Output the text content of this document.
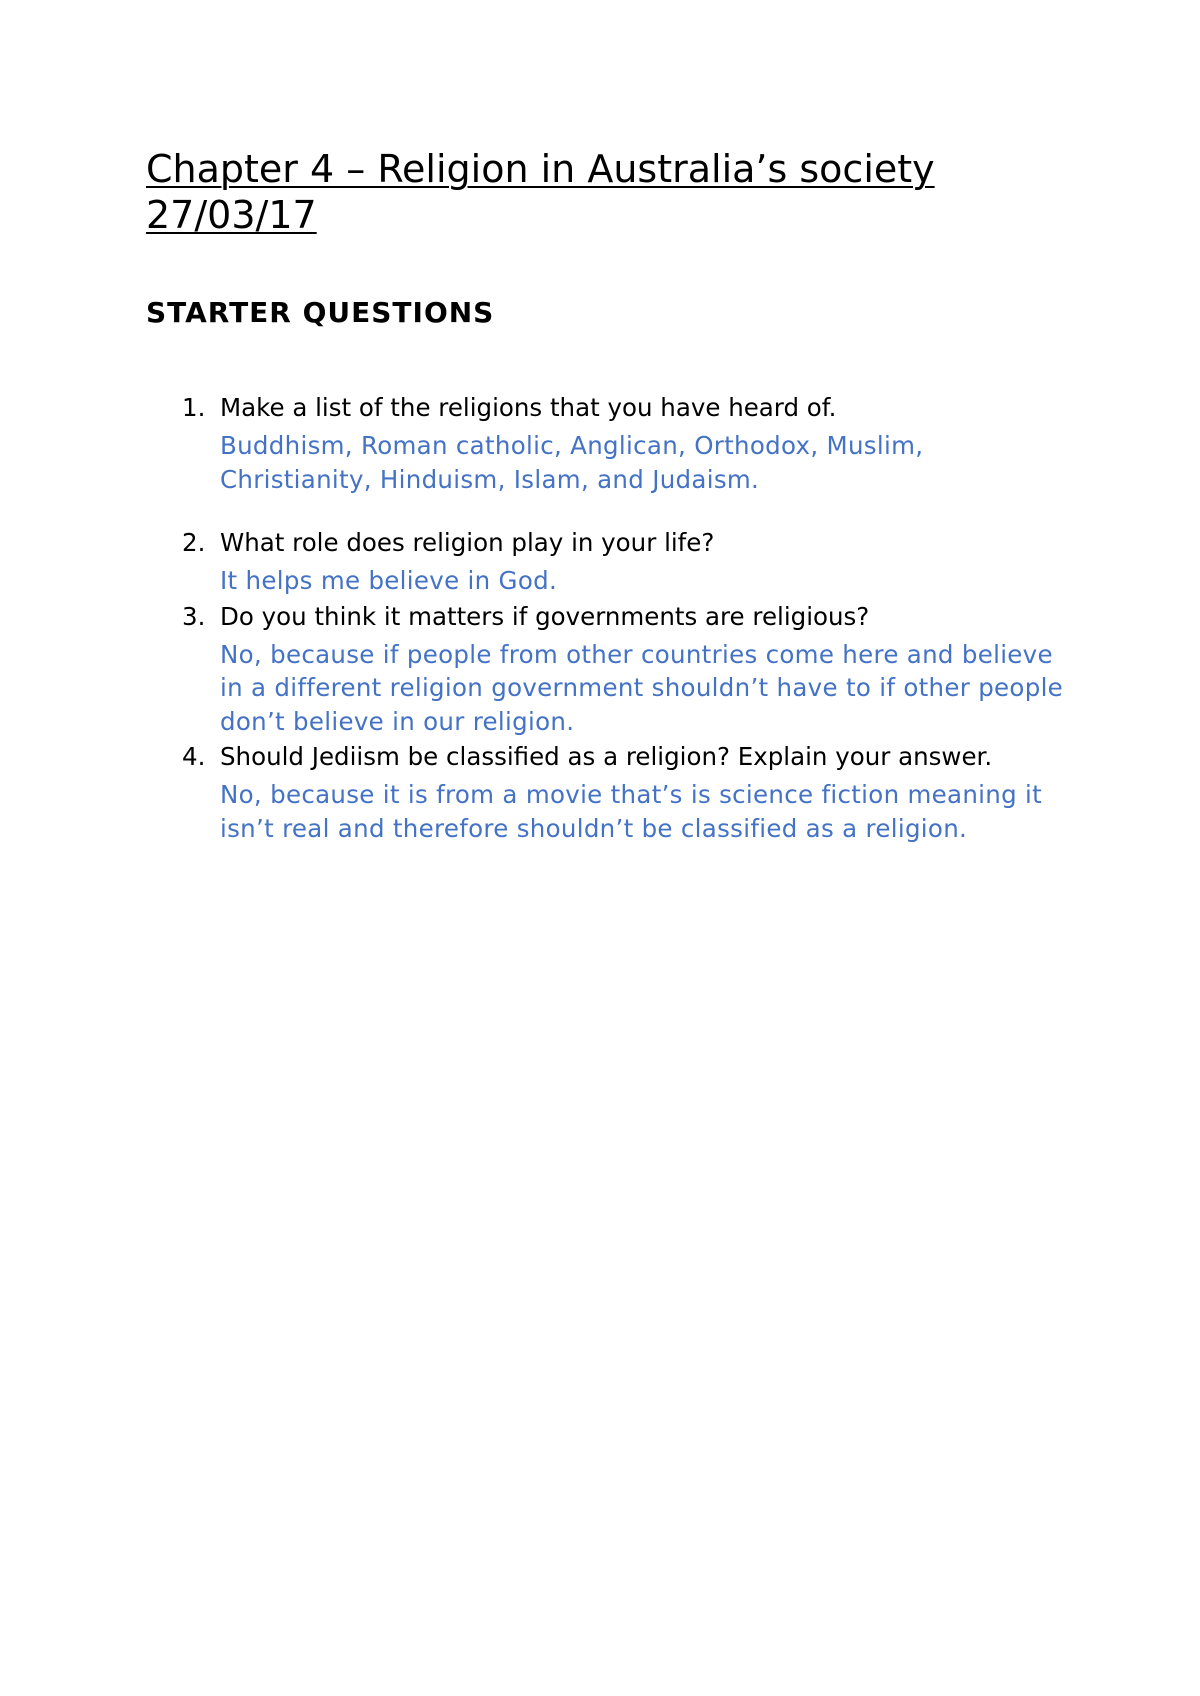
Chapter 4 – Religion in Australia’s society
27/03/17
STARTER QUESTIONS
1. Make a list of the religions that you have heard of.
Buddhism, Roman catholic, Anglican, Orthodox, Muslim, Christianity, Hinduism, Islam, and Judaism.
2. What role does religion play in your life?
It helps me believe in God.
3. Do you think it matters if governments are religious?
No, because if people from other countries come here and believe in a different religion government shouldn’t have to if other people don’t believe in our religion.
4. Should Jediism be classified as a religion? Explain your answer.
No, because it is from a movie that’s is science fiction meaning it isn’t real and therefore shouldn’t be classified as a religion.
